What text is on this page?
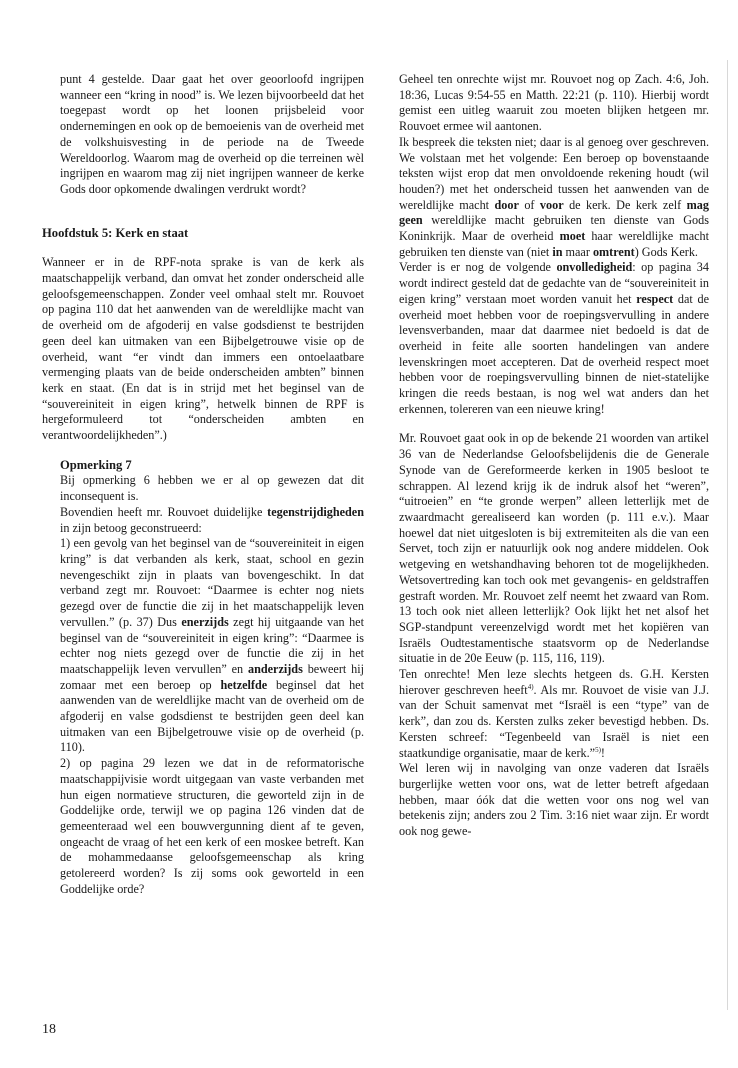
punt 4 gestelde. Daar gaat het over geoorloofd ingrijpen wanneer een “kring in nood” is. We lezen bijvoorbeeld dat het toegepast wordt op het loonen prijsbeleid voor ondernemingen en ook op de bemoeienis van de overheid met de volkshuisvesting in de periode na de Tweede Wereldoorlog. Waarom mag de overheid op die terreinen wèl ingrijpen en waarom mag zij niet ingrijpen wanneer de kerke Gods door opkomende dwalingen verdrukt wordt?

Hoofdstuk 5: Kerk en staat

Wanneer er in de RPF-nota sprake is van de kerk als maatschappelijk verband, dan omvat het zonder onderscheid alle geloofsgemeenschappen. Zonder veel omhaal stelt mr. Rouvoet op pagina 110 dat het aanwenden van de wereldlijke macht van de overheid om de afgoderij en valse godsdienst te bestrijden geen deel kan uitmaken van een Bijbelgetrouwe visie op de overheid, want “er vindt dan immers een ontoelaatbare vermenging plaats van de beide onderscheiden ambten” binnen kerk en staat. (En dat is in strijd met het beginsel van de “souvereiniteit in eigen kring”, hetwelk binnen de RPF is hergeformuleerd tot “onderscheiden ambten en verantwoordelijkheden”.)

Opmerking 7

Bij opmerking 6 hebben we er al op gewezen dat dit inconsequent is.

Bovendien heeft mr. Rouvoet duidelijke tegenstrijdigheden in zijn betoog geconstrueerd:

1) een gevolg van het beginsel van de “souvereiniteit in eigen kring” is dat verbanden als kerk, staat, school en gezin nevengeschikt zijn in plaats van bovengeschikt. In dat verband zegt mr. Rouvoet: “Daarmee is echter nog niets gezegd over de functie die zij in het maatschappelijk leven vervullen.” (p. 37) Dus enerzijds zegt hij uitgaande van het beginsel van de “souvereiniteit in eigen kring”: “Daarmee is echter nog niets gezegd over de functie die zij in het maatschappelijk leven vervullen” en anderzijds beweert hij zomaar met een beroep op hetzelfde beginsel dat het aanwenden van de wereldlijke macht van de overheid om de afgoderij en valse godsdienst te bestrijden geen deel kan uitmaken van een Bijbelgetrouwe visie op de overheid (p. 110).

2) op pagina 29 lezen we dat in de reformatorische maatschappijvisie wordt uitgegaan van vaste verbanden met hun eigen normatieve structuren, die geworteld zijn in de Goddelijke orde, terwijl we op pagina 126 vinden dat de gemeenteraad wel een bouwvergunning dient af te geven, ongeacht de vraag of het een kerk of een moskee betreft. Kan de mohammedaanse geloofsgemeenschap als kring getolereerd worden? Is zij soms ook geworteld in een Goddelijke orde?

Geheel ten onrechte wijst mr. Rouvoet nog op Zach. 4:6, Joh. 18:36, Lucas 9:54-55 en Matth. 22:21 (p. 110). Hierbij wordt gemist een uitleg waaruit zou moeten blijken hetgeen mr. Rouvoet ermee wil aantonen.

Ik bespreek die teksten niet; daar is al genoeg over geschreven. We volstaan met het volgende: Een beroep op bovenstaande teksten wijst erop dat men onvoldoende rekening houdt (wil houden?) met het onderscheid tussen het aanwenden van de wereldlijke macht door of voor de kerk. De kerk zelf mag geen wereldlijke macht gebruiken ten dienste van Gods Koninkrijk. Maar de overheid moet haar wereldlijke macht gebruiken ten dienste van (niet in maar omtrent) Gods Kerk.

Verder is er nog de volgende onvolledigheid: op pagina 34 wordt indirect gesteld dat de gedachte van de “souvereiniteit in eigen kring” verstaan moet worden vanuit het respect dat de overheid moet hebben voor de roepingsvervulling in andere levensverbanden, maar dat daarmee niet bedoeld is dat de overheid in feite alle soorten handelingen van andere levenskringen moet accepteren. Dat de overheid respect moet hebben voor de roepingsvervulling binnen de niet-statelijke kringen die reeds bestaan, is nog wel wat anders dan het erkennen, tolereren van een nieuwe kring!

Mr. Rouvoet gaat ook in op de bekende 21 woorden van artikel 36 van de Nederlandse Geloofsbelijdenis die de Generale Synode van de Gereformeerde kerken in 1905 besloot te schrappen. Al lezend krijg ik de indruk alsof het “weren”, “uitroeien” en “te gronde werpen” alleen letterlijk met de zwaardmacht gerealiseerd kan worden (p. 111 e.v.). Maar hoewel dat niet uitgesloten is bij extremiteiten als die van een Servet, toch zijn er natuurlijk ook nog andere middelen. Ook wetgeving en wetshandhaving behoren tot de mogelijkheden. Wetsovertreding kan toch ook met gevangenis- en geldstraffen gestraft worden. Mr. Rouvoet zelf neemt het zwaard van Rom. 13 toch ook niet alleen letterlijk? Ook lijkt het net alsof het SGP-standpunt vereenzelvigd wordt met het kopiëren van Israëls Oudtestamentische staatsvorm op de Nederlandse situatie in de 20e Eeuw (p. 115, 116, 119).

Ten onrechte! Men leze slechts hetgeen ds. G.H. Kersten hierover geschreven heeft$^{4)}$. Als mr. Rouvoet de visie van J.J. van der Schuit samenvat met “Israël is een “type” van de kerk”, dan zou ds. Kersten zulks zeker bevestigd hebben. Ds. Kersten schreef: “Tegenbeeld van Israël is niet een staatkundige organisatie, maar de kerk.”$^{5)}$!

Wel leren wij in navolging van onze vaderen dat Israëls burgerlijke wetten voor ons, wat de letter betreft afgedaan hebben, maar óók dat die wetten voor ons nog wel van betekenis zijn; anders zou 2 Tim. 3:16 niet waar zijn. Er wordt ook nog gewe-

18
